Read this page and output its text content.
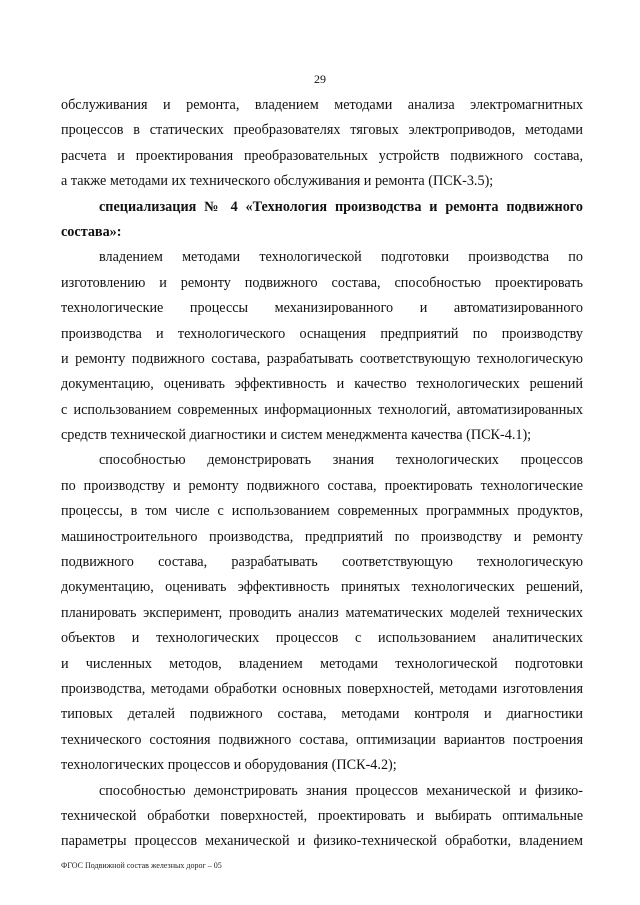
29
обслуживания и ремонта, владением методами анализа электромагнитных
процессов в статических преобразователях тяговых электроприводов, методами
расчета и проектирования преобразовательных устройств подвижного состава,
а также методами их технического обслуживания и ремонта (ПСК-3.5);
специализация № 4 «Технология производства и ремонта подвижного
состава»:
владением методами технологической подготовки производства по
изготовлению и ремонту подвижного состава, способностью проектировать
технологические процессы механизированного и автоматизированного
производства и технологического оснащения предприятий по производству
и ремонту подвижного состава, разрабатывать соответствующую технологическую
документацию, оценивать эффективность и качество технологических решений
с использованием современных информационных технологий, автоматизированных
средств технической диагностики и систем менеджмента качества (ПСК-4.1);
способностью демонстрировать знания технологических процессов
по производству и ремонту подвижного состава, проектировать технологические
процессы, в том числе с использованием современных программных продуктов,
машиностроительного производства, предприятий по производству и ремонту
подвижного состава, разрабатывать соответствующую технологическую
документацию, оценивать эффективность принятых технологических решений,
планировать эксперимент, проводить анализ математических моделей технических
объектов и технологических процессов с использованием аналитических
и численных методов, владением методами технологической подготовки
производства, методами обработки основных поверхностей, методами изготовления
типовых деталей подвижного состава, методами контроля и диагностики
технического состояния подвижного состава, оптимизации вариантов построения
технологических процессов и оборудования (ПСК-4.2);
способностью демонстрировать знания процессов механической и физико-
технической обработки поверхностей, проектировать и выбирать оптимальные
параметры процессов механической и физико-технической обработки, владением
ФГОС Подвижной состав железных дорог – 05
